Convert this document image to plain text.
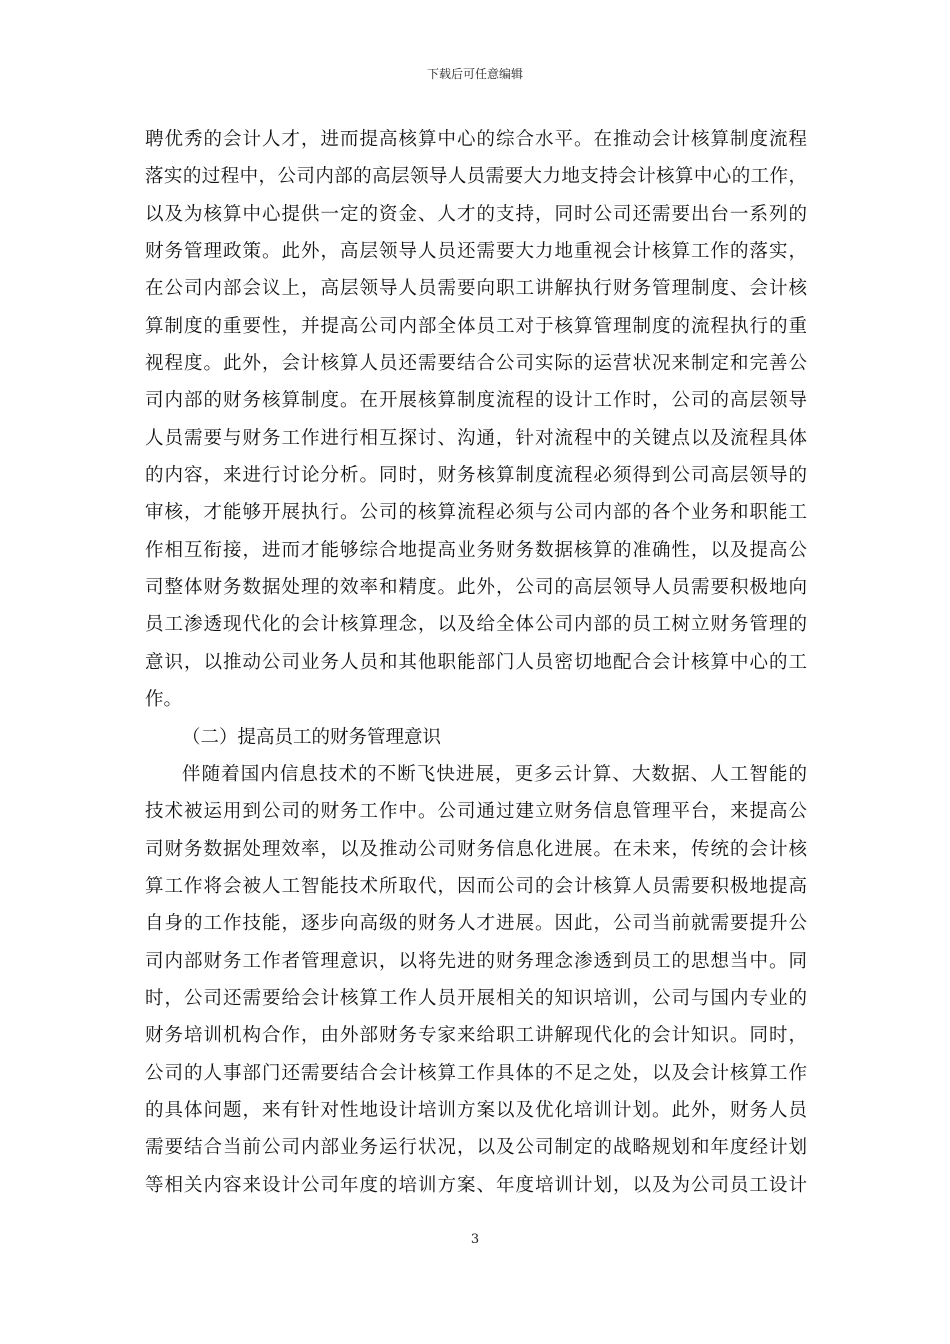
下载后可任意编辑
聘优秀的会计人才，进而提高核算中心的综合水平。在推动会计核算制度流程
落实的过程中，公司内部的高层领导人员需要大力地支持会计核算中心的工作，
以及为核算中心提供一定的资金、人才的支持，同时公司还需要出台一系列的
财务管理政策。此外，高层领导人员还需要大力地重视会计核算工作的落实，
在公司内部会议上，高层领导人员需要向职工讲解执行财务管理制度、会计核
算制度的重要性，并提高公司内部全体员工对于核算管理制度的流程执行的重
视程度。此外，会计核算人员还需要结合公司实际的运营状况来制定和完善公
司内部的财务核算制度。在开展核算制度流程的设计工作时，公司的高层领导
人员需要与财务工作进行相互探讨、沟通，针对流程中的关键点以及流程具体
的内容，来进行讨论分析。同时，财务核算制度流程必须得到公司高层领导的
审核，才能够开展执行。公司的核算流程必须与公司内部的各个业务和职能工
作相互衔接，进而才能够综合地提高业务财务数据核算的准确性，以及提高公
司整体财务数据处理的效率和精度。此外，公司的高层领导人员需要积极地向
员工渗透现代化的会计核算理念，以及给全体公司内部的员工树立财务管理的
意识，以推动公司业务人员和其他职能部门人员密切地配合会计核算中心的工
作。
（二）提高员工的财务管理意识
伴随着国内信息技术的不断飞快进展，更多云计算、大数据、人工智能的
技术被运用到公司的财务工作中。公司通过建立财务信息管理平台，来提高公
司财务数据处理效率，以及推动公司财务信息化进展。在未来，传统的会计核
算工作将会被人工智能技术所取代，因而公司的会计核算人员需要积极地提高
自身的工作技能，逐步向高级的财务人才进展。因此，公司当前就需要提升公
司内部财务工作者管理意识，以将先进的财务理念渗透到员工的思想当中。同
时，公司还需要给会计核算工作人员开展相关的知识培训，公司与国内专业的
财务培训机构合作，由外部财务专家来给职工讲解现代化的会计知识。同时，
公司的人事部门还需要结合会计核算工作具体的不足之处，以及会计核算工作
的具体问题，来有针对性地设计培训方案以及优化培训计划。此外，财务人员
需要结合当前公司内部业务运行状况，以及公司制定的战略规划和年度经计划
等相关内容来设计公司年度的培训方案、年度培训计划，以及为公司员工设计
3
